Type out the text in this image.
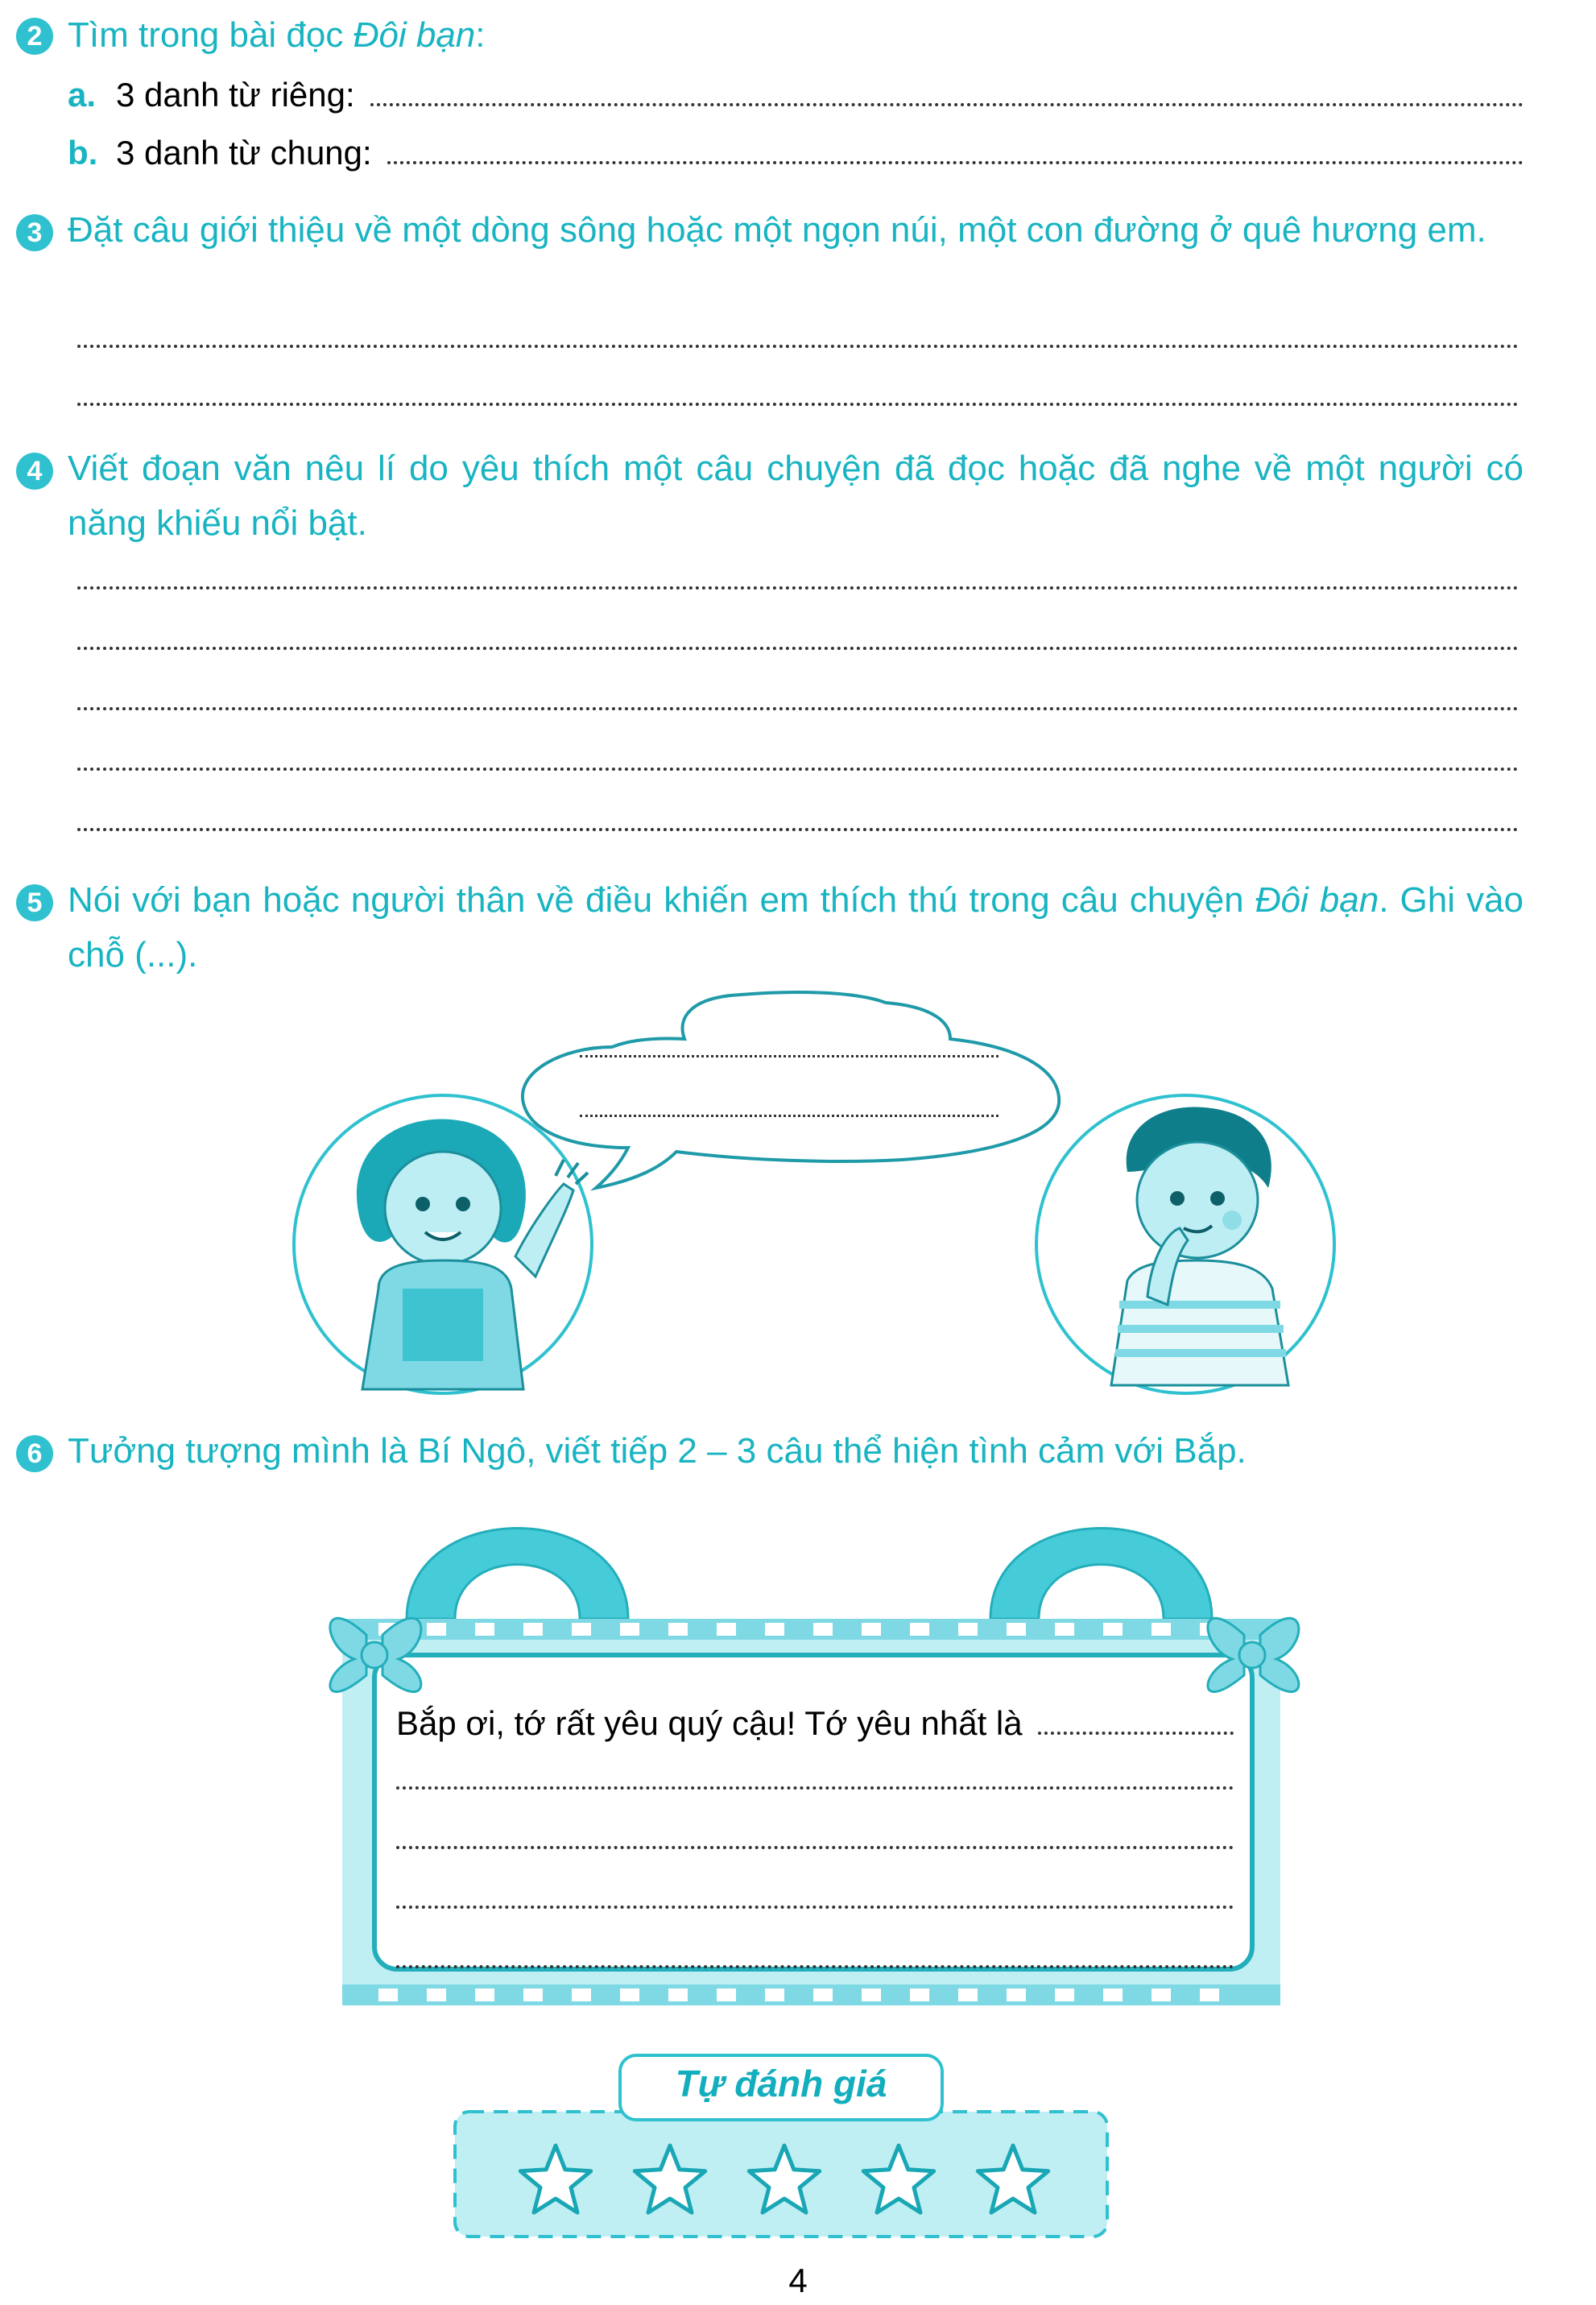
2 Tìm trong bài đọc Đôi bạn:
a. 3 danh từ riêng:
b. 3 danh từ chung:
3 Đặt câu giới thiệu về một dòng sông hoặc một ngọn núi, một con đường ở quê hương em.
4 Viết đoạn văn nêu lí do yêu thích một câu chuyện đã đọc hoặc đã nghe về một người có năng khiếu nổi bật.
5 Nói với bạn hoặc người thân về điều khiến em thích thú trong câu chuyện Đôi bạn. Ghi vào chỗ (...).
6 Tưởng tượng mình là Bí Ngô, viết tiếp 2 – 3 câu thể hiện tình cảm với Bắp.
Bắp ơi, tớ rất yêu quý cậu! Tớ yêu nhất là
Tự đánh giá
4
